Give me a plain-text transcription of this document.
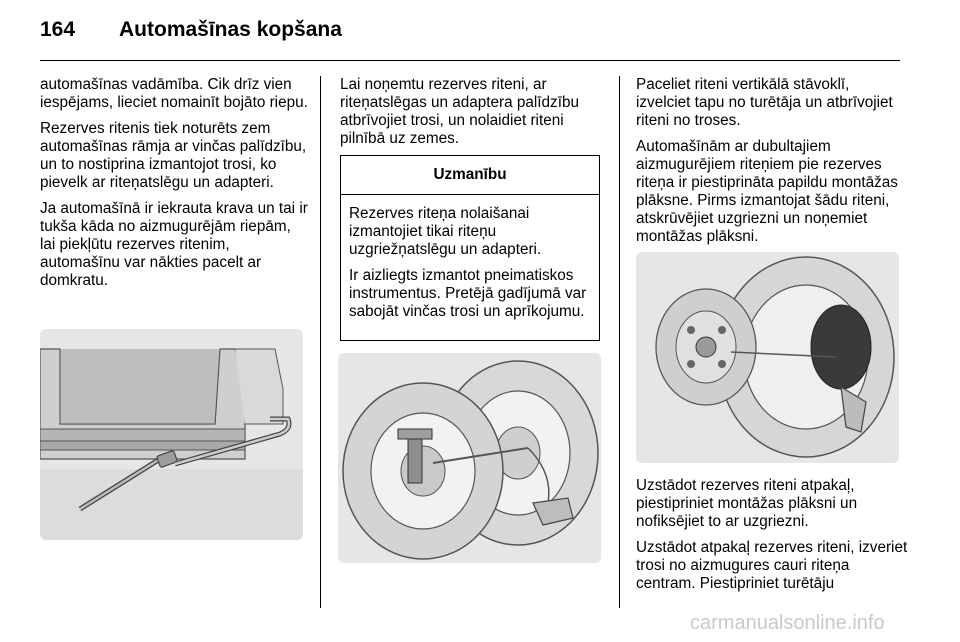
164 Automašīnas kopšana

automašīnas vadāmība. Cik drīz vien iespējams, lieciet nomainīt bojāto riepu.

Rezerves ritenis tiek noturēts zem automašīnas rāmja ar vinčas palīdzību, un to nostiprina izmantojot trosi, ko pievelk ar riteņatslēgu un adapteri.

Ja automašīnā ir iekrauta krava un tai ir tukša kāda no aizmugurējām riepām, lai piekļūtu rezerves ritenim, automašīnu var nākties pacelt ar domkratu.

Lai noņemtu rezerves riteni, ar riteņatslēgas un adaptera palīdzību atbrīvojiet trosi, un nolaidiet riteni pilnībā uz zemes.

Uzmanību

Rezerves riteņa nolaišanai izmantojiet tikai riteņu uzgriežņatslēgu un adapteri.

Ir aizliegts izmantot pneimatiskos instrumentus. Pretējā gadījumā var sabojāt vinčas trosi un aprīkojumu.

Paceliet riteni vertikālā stāvoklī, izvelciet tapu no turētāja un atbrīvojiet riteni no troses.

Automašīnām ar dubultajiem aizmugurējiem riteņiem pie rezerves riteņa ir piestiprināta papildu montāžas plāksne. Pirms izmantojat šādu riteni, atskrūvējiet uzgriezni un noņemiet montāžas plāksni.

Uzstādot rezerves riteni atpakaļ, piestipriniet montāžas plāksni un nofiksējiet to ar uzgriezni.

Uzstādot atpakaļ rezerves riteni, izveriet trosi no aizmugures cauri riteņa centram. Piestipriniet turētāju

carmanualsonline.info
